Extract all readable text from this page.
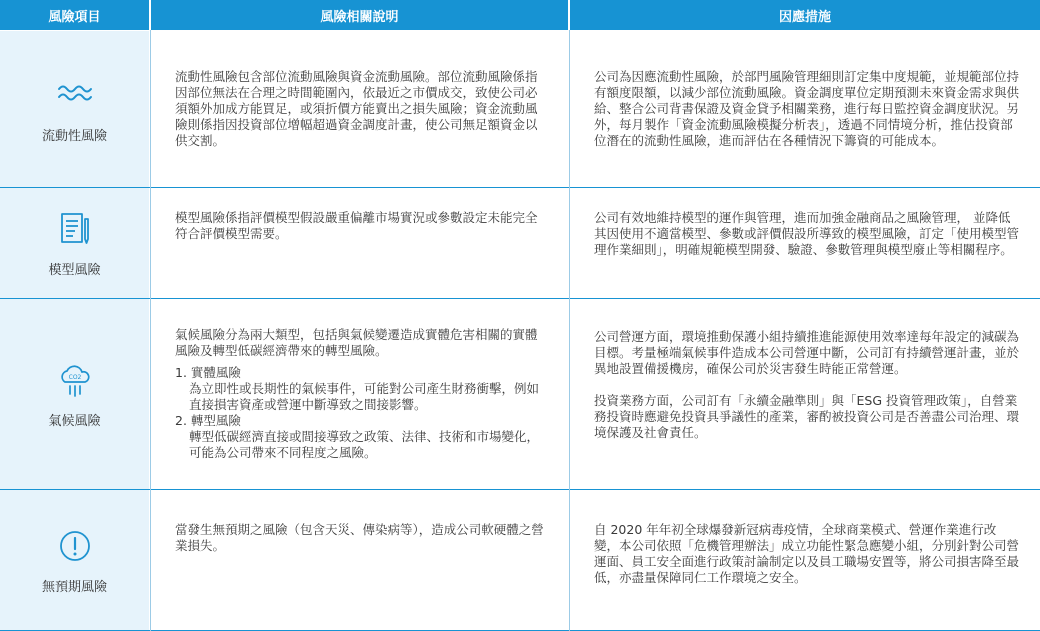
風險項目	風險相關說明	因應措施
流動性風險

流動性風險包含部位流動風險與資金流動風險。部位流動風險係指因部位無法在合理之時間範圍內，依最近之市價成交，致使公司必須額外加成方能買足，或須折價方能賣出之損失風險；資金流動風險則係指因投資部位增幅超過資金調度計畫，使公司無足額資金以供交割。

公司為因應流動性風險，於部門風險管理細則訂定集中度規範，並規範部位持有額度限額，以減少部位流動風險。資金調度單位定期預測未來資金需求與供給、整合公司背書保證及資金貸予相關業務，進行每日監控資金調度狀況。另外，每月製作「資金流動風險模擬分析表」，透過不同情境分析，推估投資部位潛在的流動性風險，進而評估在各種情況下籌資的可能成本。

模型風險

模型風險係指評價模型假設嚴重偏離市場實況或參數設定未能完全符合評價模型需要。

公司有效地維持模型的運作與管理，進而加強金融商品之風險管理， 並降低其因使用不適當模型、參數或評價假設所導致的模型風險，訂定「使用模型管理作業細則」，明確規範模型開發、驗證、參數管理與模型廢止等相關程序。

CO2
氣候風險

氣候風險分為兩大類型，包括與氣候變遷造成實體危害相關的實體風險及轉型低碳經濟帶來的轉型風險。

1. 實體風險

為立即性或長期性的氣候事件，可能對公司產生財務衝擊，例如直接損害資產或營運中斷導致之間接影響。

2. 轉型風險

轉型低碳經濟直接或間接導致之政策、法律、技術和市場變化，可能為公司帶來不同程度之風險。

公司營運方面，環境推動保護小組持續推進能源使用效率達每年設定的減碳為目標。考量極端氣候事件造成本公司營運中斷，公司訂有持續營運計畫，並於異地設置備援機房，確保公司於災害發生時能正常營運。

投資業務方面，公司訂有「永續金融準則」與「ESG 投資管理政策」，自營業務投資時應避免投資具爭議性的產業，審酌被投資公司是否善盡公司治理、環境保護及社會責任。

無預期風險

當發生無預期之風險（包含天災、傳染病等），造成公司軟硬體之營業損失。

自 2020 年年初全球爆發新冠病毒疫情，全球商業模式、營運作業進行改變，本公司依照「危機管理辦法」成立功能性緊急應變小組，分別針對公司營運面、員工安全面進行政策討論制定以及員工職場安置等，將公司損害降至最低，亦盡量保障同仁工作環境之安全。
